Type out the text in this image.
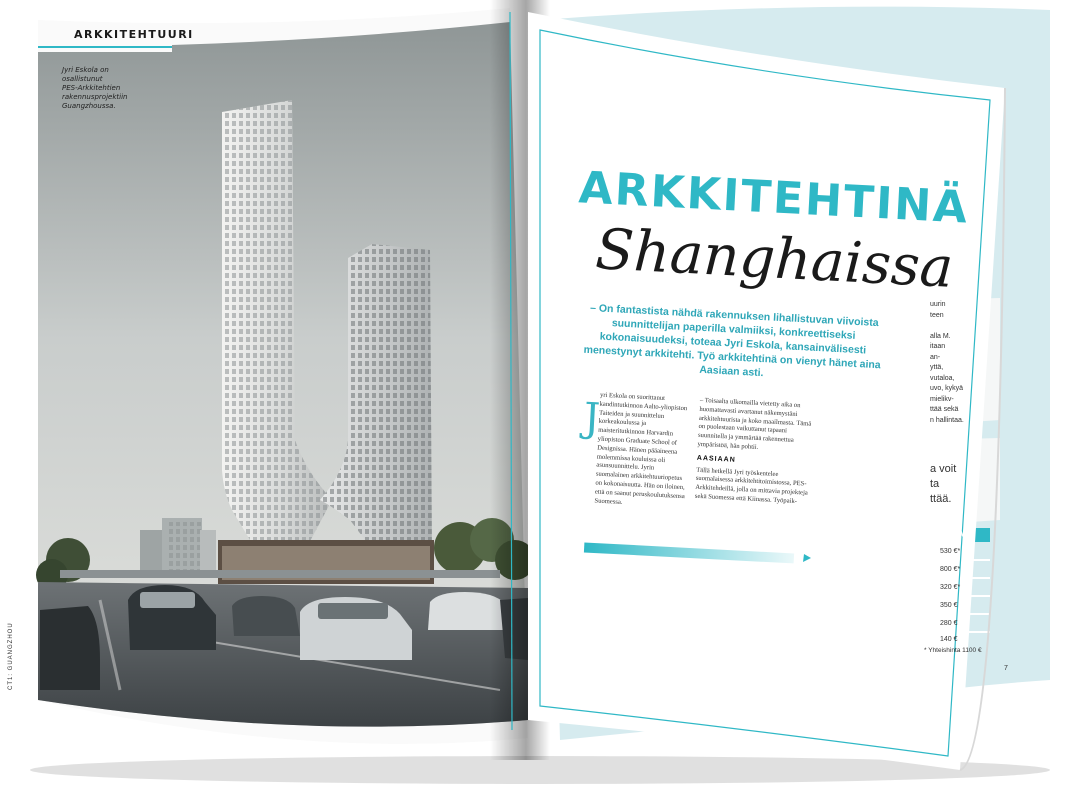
ARKKITEHTUURI
Jyri Eskola on
osallistunut
PES-Arkkitehtien
rakennusprojektiin
Guangzhoussa.
CT1: GUANGZHOU
ARKKITEHTINÄ
Shanghaissa
– On fantastista nähdä rakennuksen lihallistuvan viivoista suunnittelijan paperilla valmiiksi, konkreettiseksi kokonaisuudeksi, toteaa Jyri Eskola, kansainvälisesti menestynyt arkkitehti. Työ arkkitehtinä on vienyt hänet aina Aasiaan asti.
J
yri Eskola on suorittanut kandintutkinnon Aalto-yliopiston Taiteiden ja suunnittelun korkeakoulussa ja maisteritutkinnon Harvardin yliopiston Graduate School of Designissa. Hänen pääaineena molemmissa kouluissa oli asunsuunnittelu. Jyrin suomalainen arkkitehtuuriopetus on kokonaisuutta. Hän on iloinen, että on saanut peruskoulutuksensa Suomessa.
– Toisaalta ulkomailla vietetty aika on huomattavasti avartanut näkemystäni arkkitehtuurista ja koko maailmasta. Tämä on puolestaan vaikuttanut tapaani suunnitella ja ymmärtää rakennettua ympäristöä, hän pohtii.
AASIAAN
Tällä hetkellä Jyri työskentelee suomalaisessa arkkitehtitoimistossa, PES-Arkkitehdeillä, jolla on mittavia projekteja sekä Suomessa että Kiinassa. Työpaik-
uurin
teen

alla M.
itaan
an-
yttä,
vutaloa,
uvo, kykyä
mielikv-
ttää sekä
n hallintaa.
a voit
ta
ttää.
HINTA
530 €*
800 €*
320 €*
350 €
280 €
140 €
* Yhteishinta 1100 €
7
